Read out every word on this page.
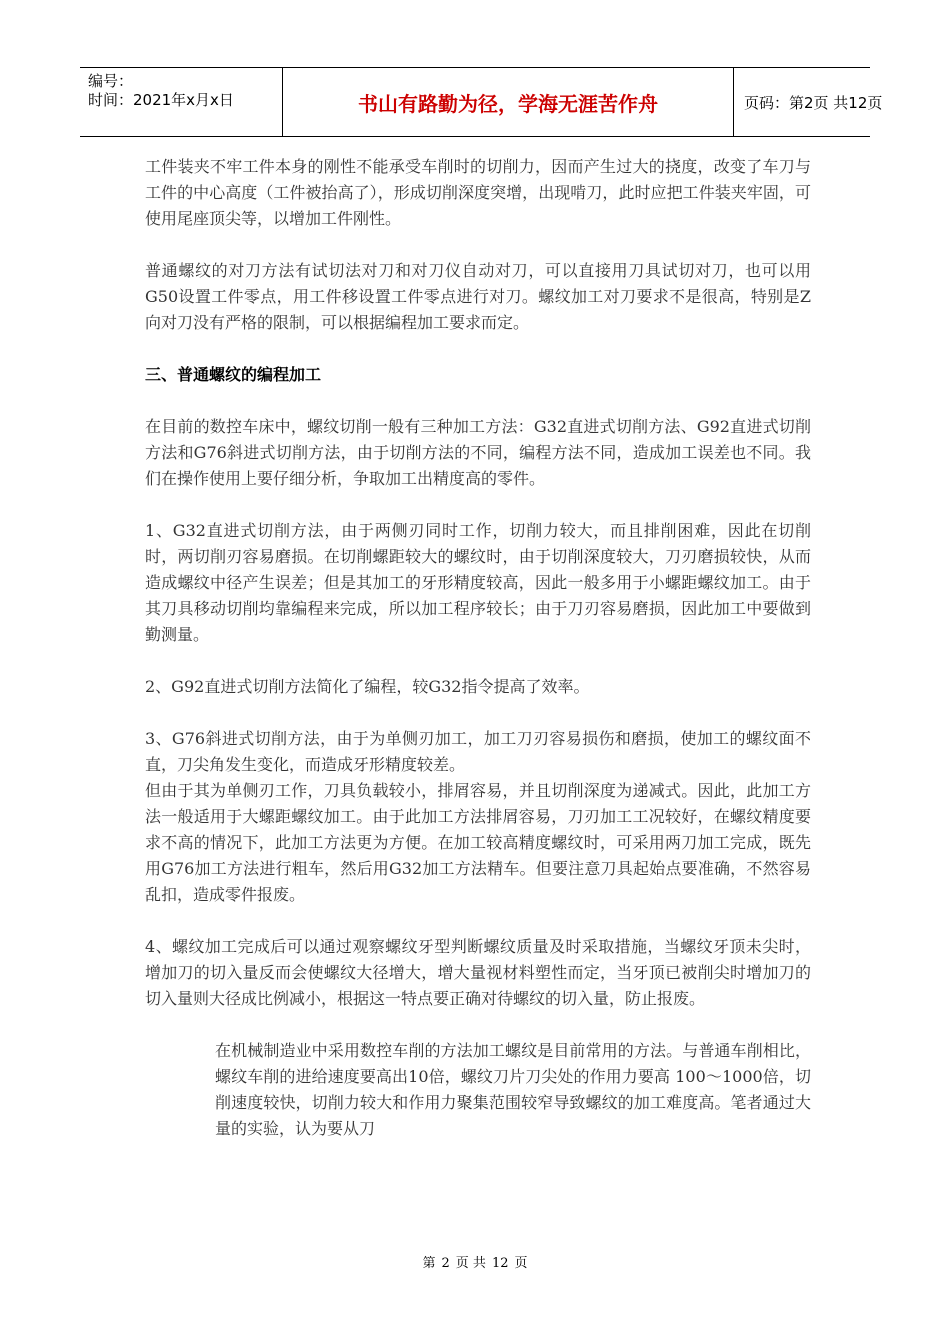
编号：
时间：2021年x月x日	书山有路勤为径，学海无涯苦作舟	页码：第2页 共12页

工件装夹不牢工件本身的刚性不能承受车削时的切削力，因而产生过大的挠度，改变了车刀与工件的中心高度（工件被抬高了），形成切削深度突增，出现啃刀，此时应把工件装夹牢固，可使用尾座顶尖等，以增加工件刚性。

普通螺纹的对刀方法有试切法对刀和对刀仪自动对刀，可以直接用刀具试切对刀，也可以用G50设置工件零点，用工件移设置工件零点进行对刀。螺纹加工对刀要求不是很高，特别是Z向对刀没有严格的限制，可以根据编程加工要求而定。

三、普通螺纹的编程加工

在目前的数控车床中，螺纹切削一般有三种加工方法：G32直进式切削方法、G92直进式切削方法和G76斜进式切削方法，由于切削方法的不同，编程方法不同，造成加工误差也不同。我们在操作使用上要仔细分析，争取加工出精度高的零件。

1、G32直进式切削方法，由于两侧刃同时工作，切削力较大，而且排削困难，因此在切削时，两切削刃容易磨损。在切削螺距较大的螺纹时，由于切削深度较大，刀刃磨损较快，从而造成螺纹中径产生误差；但是其加工的牙形精度较高，因此一般多用于小螺距螺纹加工。由于其刀具移动切削均靠编程来完成，所以加工程序较长；由于刀刃容易磨损，因此加工中要做到勤测量。

2、G92直进式切削方法简化了编程，较G32指令提高了效率。

3、G76斜进式切削方法，由于为单侧刃加工，加工刀刃容易损伤和磨损，使加工的螺纹面不直，刀尖角发生变化，而造成牙形精度较差。

但由于其为单侧刃工作，刀具负载较小，排屑容易，并且切削深度为递减式。因此，此加工方法一般适用于大螺距螺纹加工。由于此加工方法排屑容易，刀刃加工工况较好，在螺纹精度要求不高的情况下，此加工方法更为方便。在加工较高精度螺纹时，可采用两刀加工完成，既先用G76加工方法进行粗车，然后用G32加工方法精车。但要注意刀具起始点要准确，不然容易乱扣，造成零件报废。

4、螺纹加工完成后可以通过观察螺纹牙型判断螺纹质量及时采取措施，当螺纹牙顶未尖时，增加刀的切入量反而会使螺纹大径增大，增大量视材料塑性而定，当牙顶已被削尖时增加刀的切入量则大径成比例减小，根据这一特点要正确对待螺纹的切入量，防止报废。

在机械制造业中采用数控车削的方法加工螺纹是目前常用的方法。与普通车削相比，螺纹车削的进给速度要高出10倍，螺纹刀片刀尖处的作用力要高 100～1000倍，切削速度较快，切削力较大和作用力聚集范围较窄导致螺纹的加工难度高。笔者通过大量的实验，认为要从刀

第 2 页 共 12 页
